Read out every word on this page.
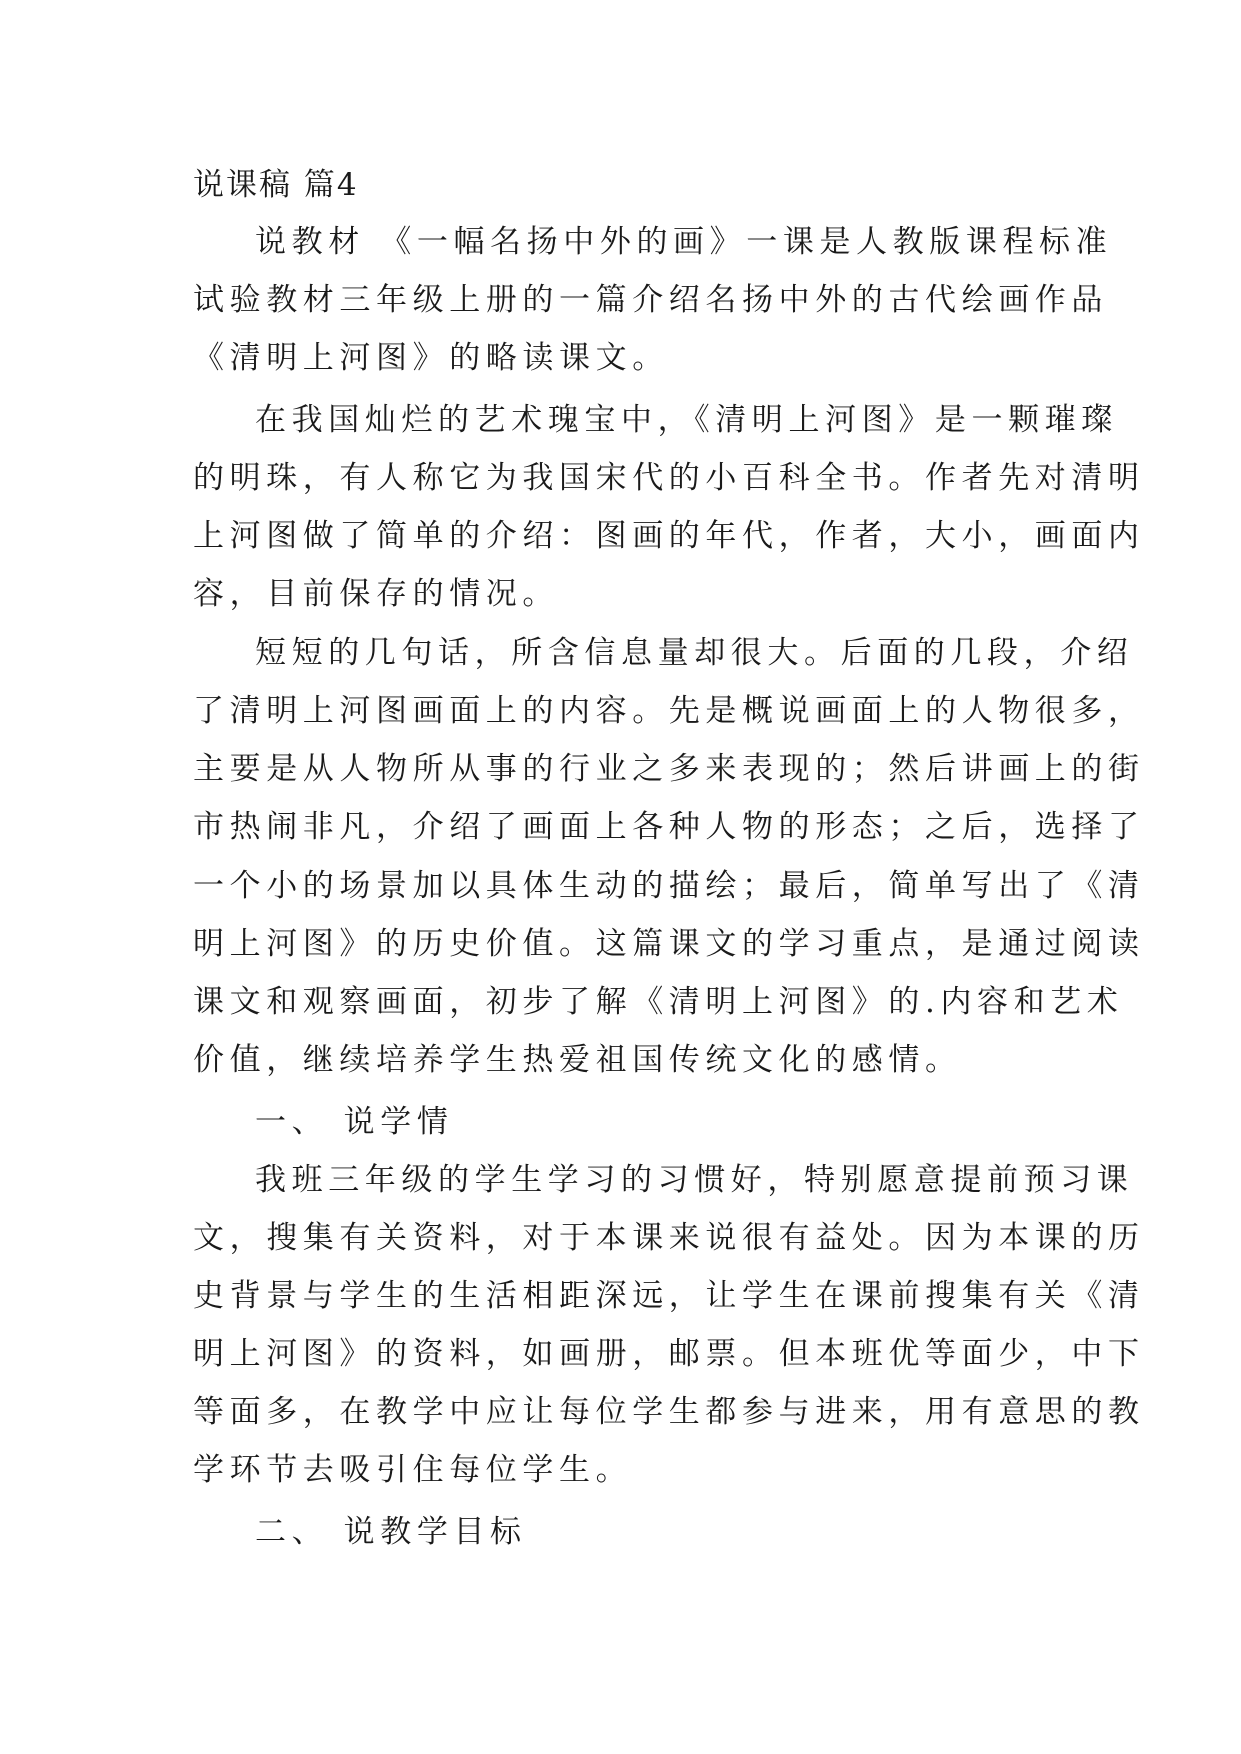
说课稿 篇4
说教材 《一幅名扬中外的画》一课是人教版课程标准
试验教材三年级上册的一篇介绍名扬中外的古代绘画作品
《清明上河图》的略读课文。
在我国灿烂的艺术瑰宝中，《清明上河图》是一颗璀璨
的明珠，有人称它为我国宋代的小百科全书。作者先对清明
上河图做了简单的介绍：图画的年代，作者，大小，画面内
容，目前保存的情况。
短短的几句话，所含信息量却很大。后面的几段，介绍
了清明上河图画面上的内容。先是概说画面上的人物很多，
主要是从人物所从事的行业之多来表现的；然后讲画上的街
市热闹非凡，介绍了画面上各种人物的形态；之后，选择了
一个小的场景加以具体生动的描绘；最后，简单写出了《清
明上河图》的历史价值。这篇课文的学习重点，是通过阅读
课文和观察画面，初步了解《清明上河图》的.内容和艺术
价值，继续培养学生热爱祖国传统文化的感情。
一、 说学情
我班三年级的学生学习的习惯好，特别愿意提前预习课
文，搜集有关资料，对于本课来说很有益处。因为本课的历
史背景与学生的生活相距深远，让学生在课前搜集有关《清
明上河图》的资料，如画册，邮票。但本班优等面少，中下
等面多，在教学中应让每位学生都参与进来，用有意思的教
学环节去吸引住每位学生。
二、 说教学目标
